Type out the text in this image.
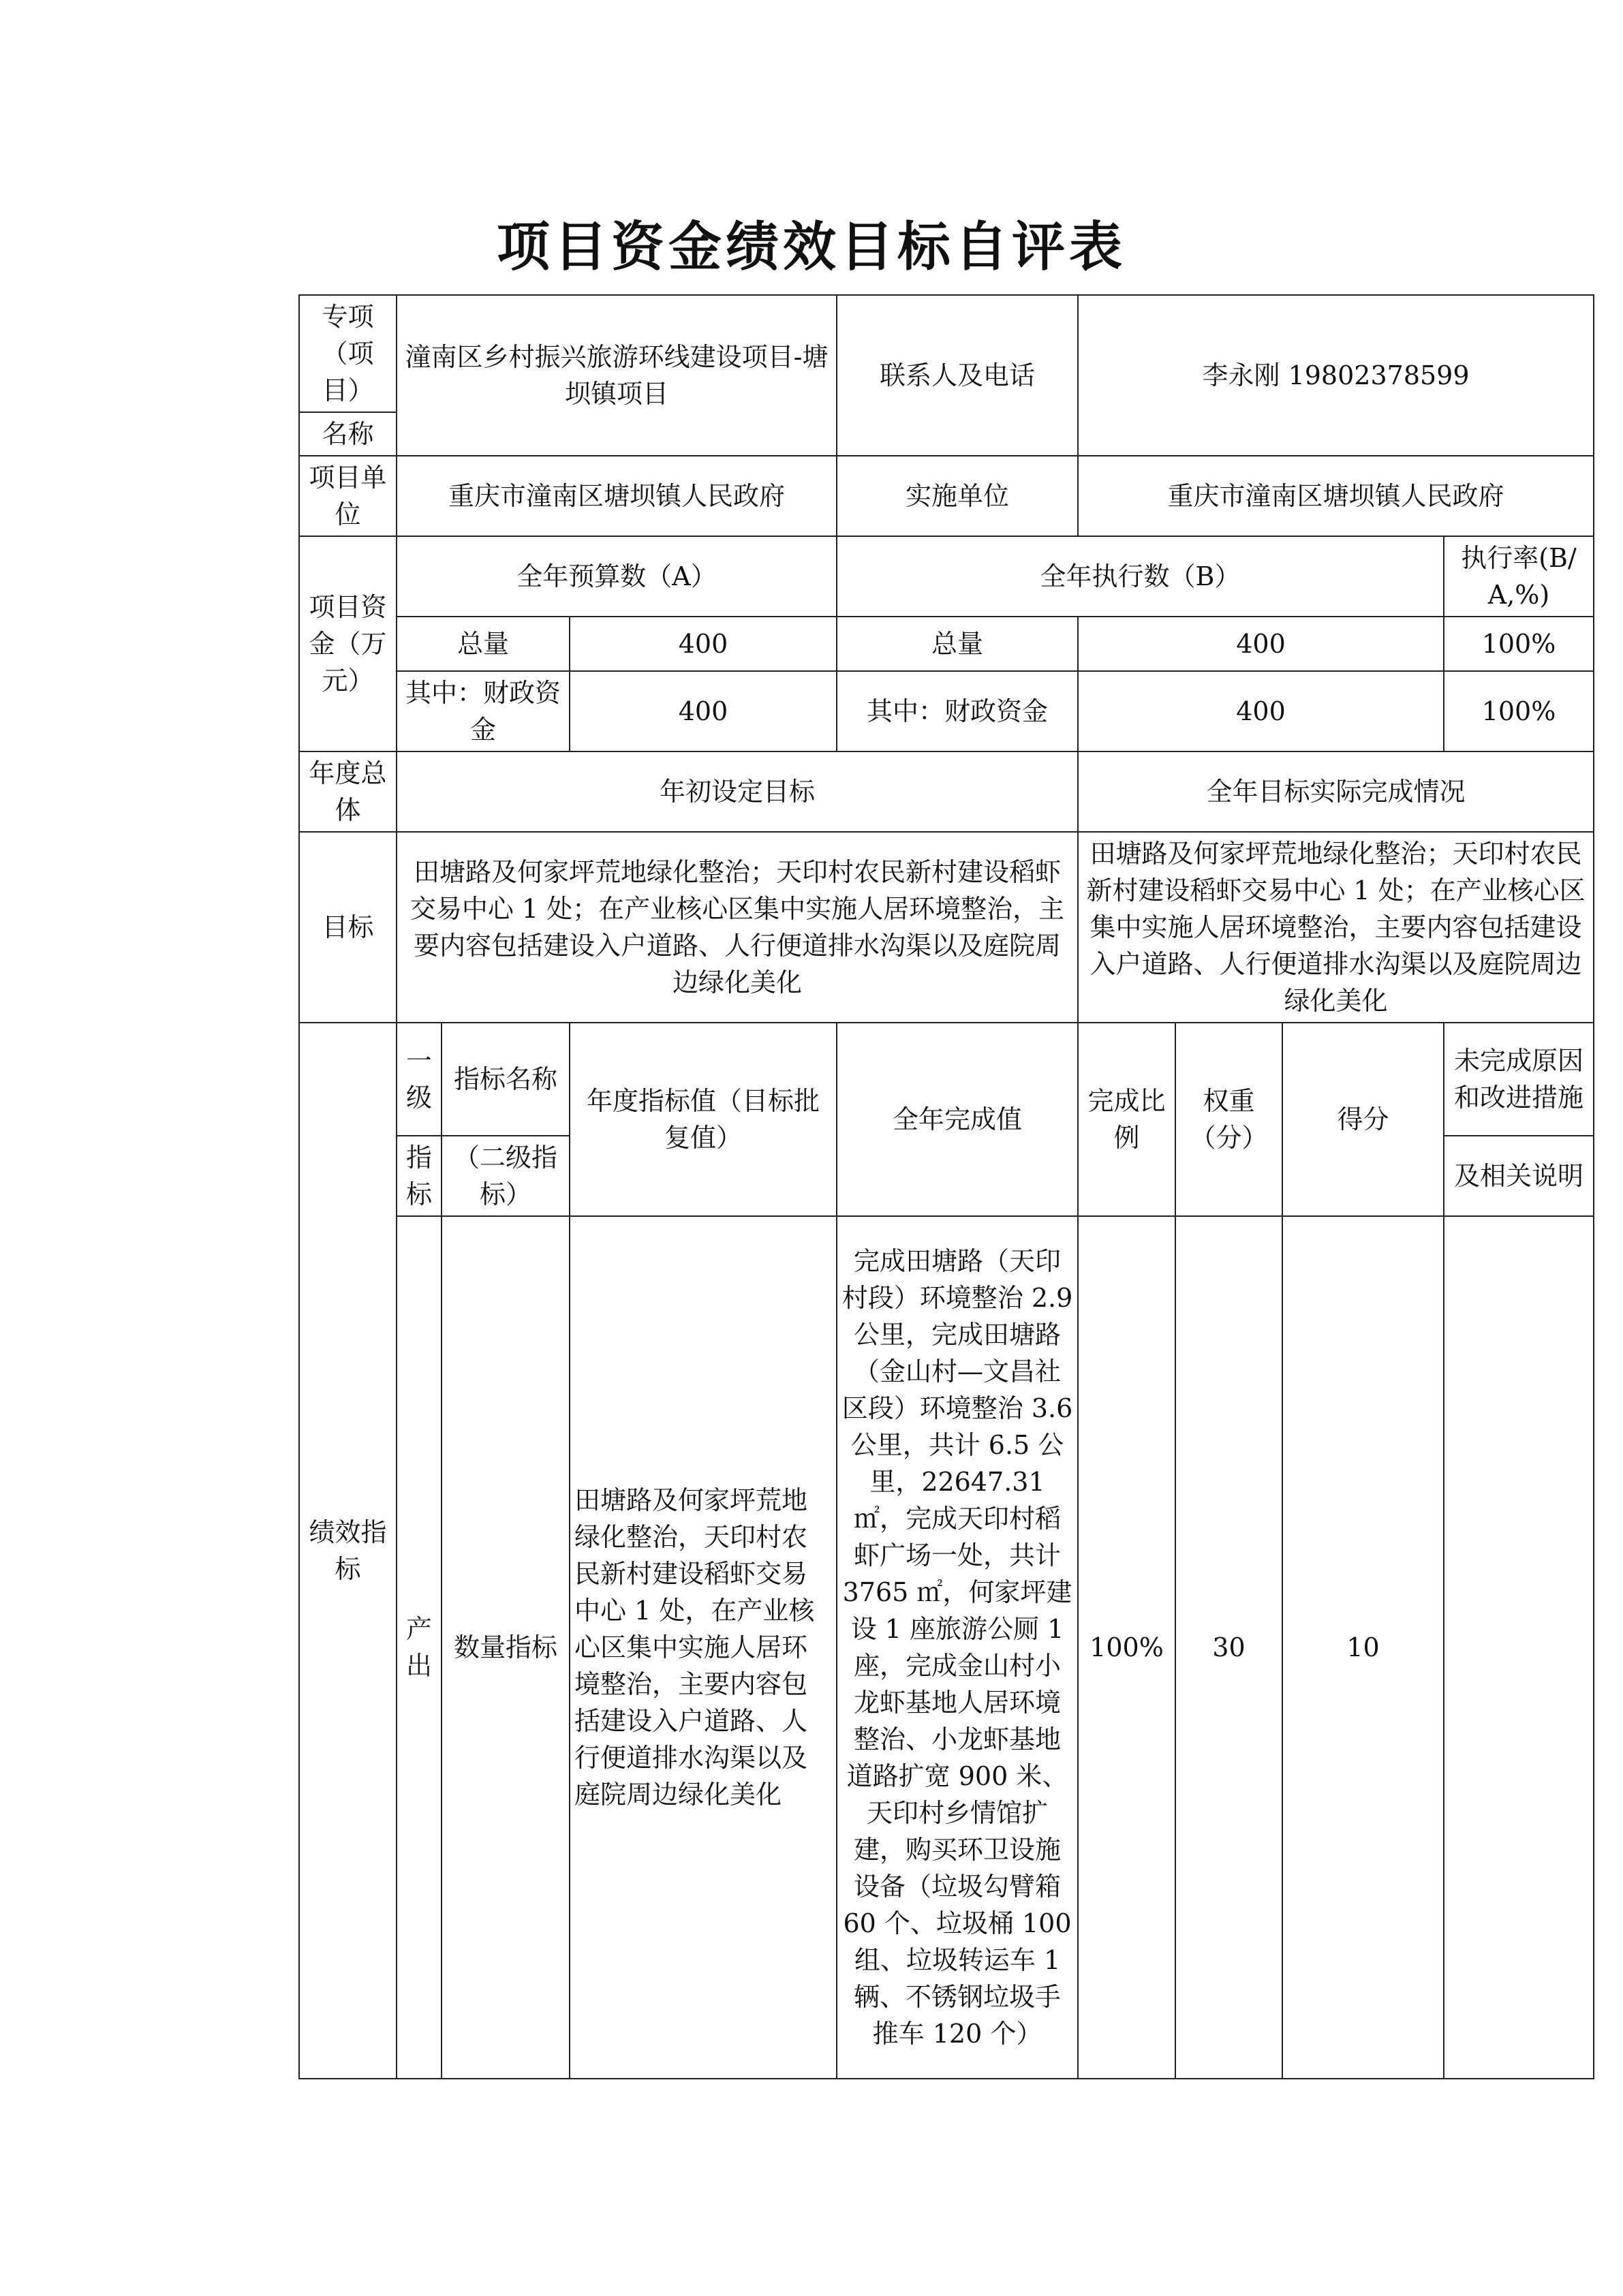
项目资金绩效目标自评表
专项（项目）	潼南区乡村振兴旅游环线建设项目-塘坝镇项目			联系人及电话	李永刚 19802378599			
名称								
项目单位	重庆市潼南区塘坝镇人民政府			实施单位	重庆市潼南区塘坝镇人民政府			
项目资金（万元）	全年预算数（A）			全年执行数（B）				执行率(B/A,%)
	总量		400	总量	400			100%
	其中：财政资金		400	其中：财政资金	400			100%
年度总体	年初设定目标				全年目标实际完成情况			
目标	田塘路及何家坪荒地绿化整治；天印村农民新村建设稻虾交易中心 1 处；在产业核心区集中实施人居环境整治，主要内容包括建设入户道路、人行便道排水沟渠以及庭院周边绿化美化				田塘路及何家坪荒地绿化整治；天印村农民新村建设稻虾交易中心 1 处；在产业核心区集中实施人居环境整治，主要内容包括建设入户道路、人行便道排水沟渠以及庭院周边绿化美化			
绩效指标	一级	指标名称	年度指标值（目标批复值）	全年完成值	完成比例	权重（分）	得分	未完成原因和改进措施
	指标	（二级指标）						及相关说明
	产出	数量指标	田塘路及何家坪荒地绿化整治，天印村农民新村建设稻虾交易中心 1 处，在产业核心区集中实施人居环境整治，主要内容包括建设入户道路、人行便道排水沟渠以及庭院周边绿化美化	完成田塘路（天印村段）环境整治 2.9 公里，完成田塘路（金山村—文昌社区段）环境整治 3.6 公里，共计 6.5 公里，22647.31 ㎡，完成天印村稻虾广场一处，共计 3765 ㎡，何家坪建设 1 座旅游公厕 1 座，完成金山村小龙虾基地人居环境整治、小龙虾基地道路扩宽 900 米、天印村乡情馆扩建，购买环卫设施设备（垃圾勾臂箱 60 个、垃圾桶 100 组、垃圾转运车 1 辆、不锈钢垃圾手推车 120 个）	100%	30	10	
